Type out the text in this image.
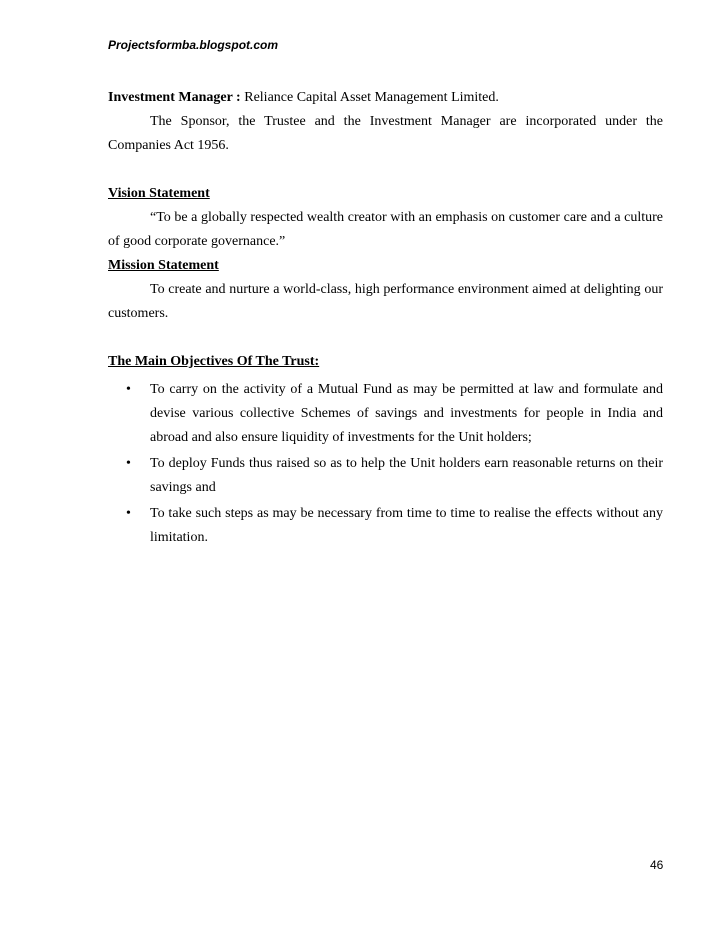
Projectsformba.blogspot.com

Investment Manager : Reliance Capital Asset Management Limited.

The Sponsor, the Trustee and the Investment Manager are incorporated under the Companies Act 1956.

Vision Statement

“To be a globally respected wealth creator with an emphasis on customer care and a culture of good corporate governance.”

Mission Statement

To create and nurture a world-class, high performance environment aimed at delighting our customers.

The Main Objectives Of The Trust:

• To carry on the activity of a Mutual Fund as may be permitted at law and formulate and devise various collective Schemes of savings and investments for people in India and abroad and also ensure liquidity of investments for the Unit holders;
• To deploy Funds thus raised so as to help the Unit holders earn reasonable returns on their savings and
• To take such steps as may be necessary from time to time to realise the effects without any limitation.
46
